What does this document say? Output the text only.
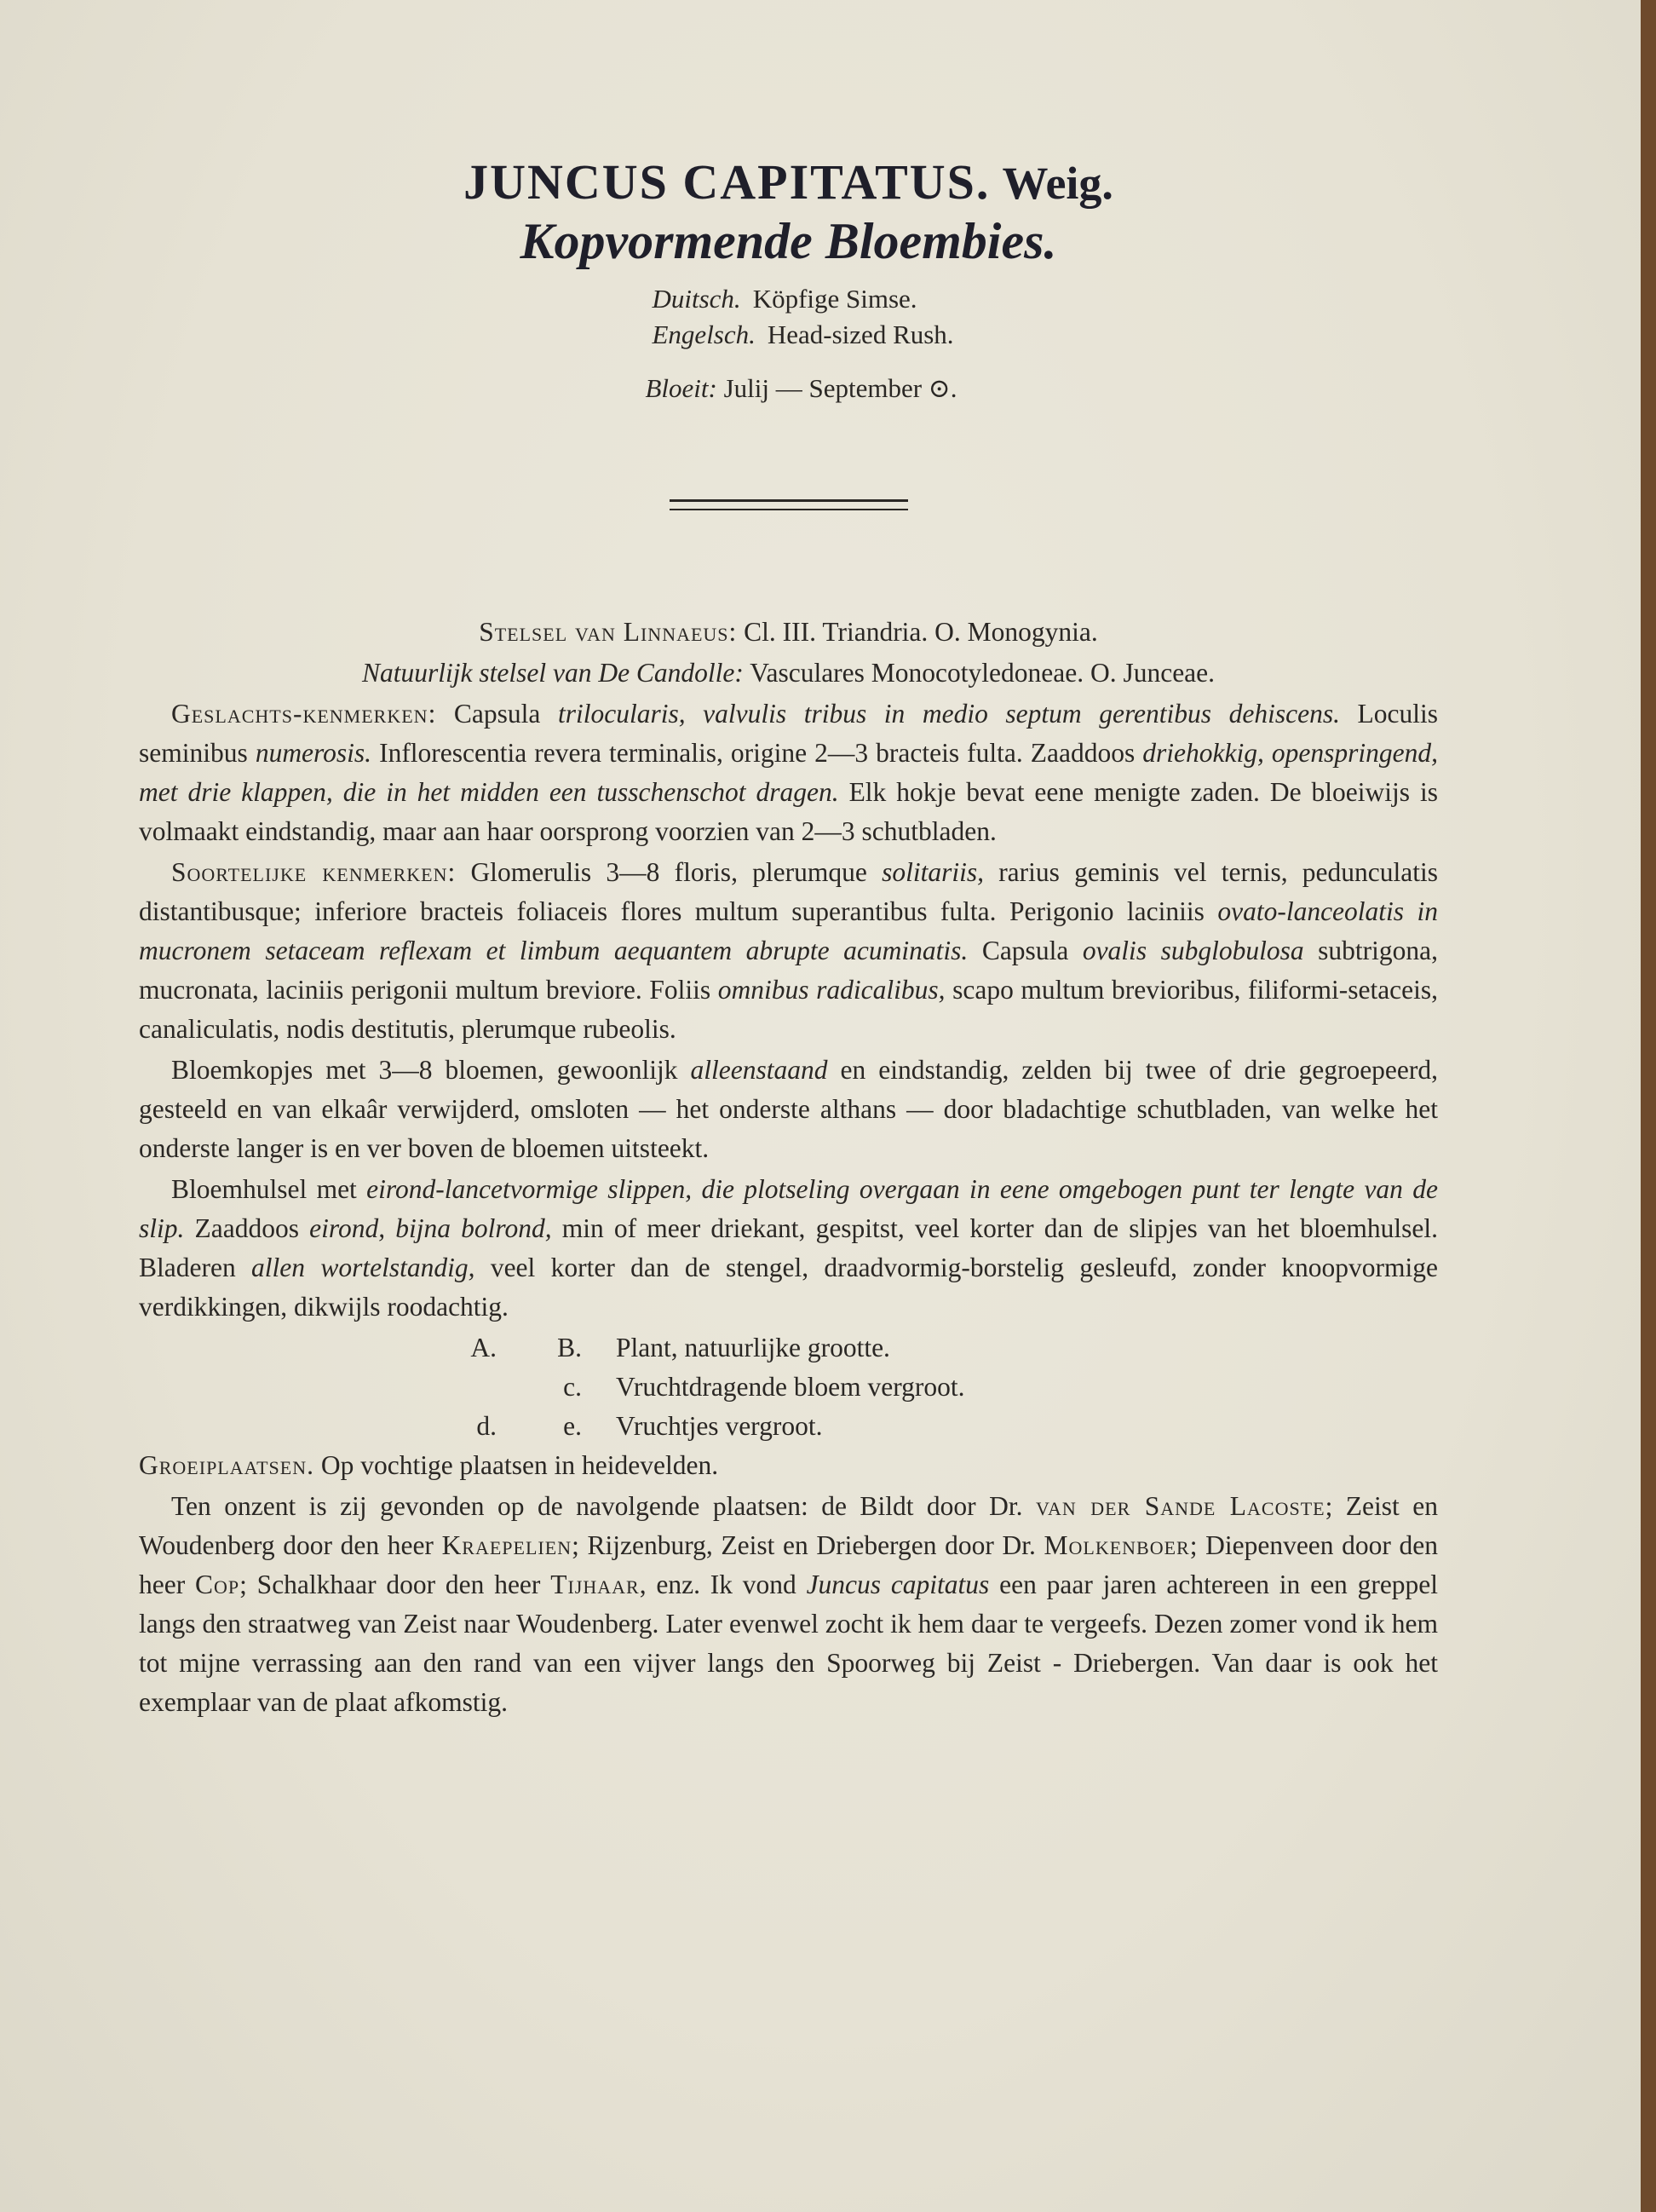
JUNCUS CAPITATUS. Weig.
Kopvormende Bloembies.
Duitsch. Köpfige Simse.
Engelsch. Head-sized Rush.
Bloeit: Julij — September ⊙.

Stelsel van Linnaeus: Cl. III. Triandria. O. Monogynia.

Natuurlijk stelsel van De Candolle: Vasculares Monocotyledoneae. O. Junceae.

Geslachts-kenmerken: Capsula trilocularis, valvulis tribus in medio septum gerentibus dehiscens. Loculis seminibus numerosis. Inflorescentia revera terminalis, origine 2—3 bracteis fulta. Zaaddoos driehokkig, openspringend, met drie klappen, die in het midden een tusschenschot dragen. Elk hokje bevat eene menigte zaden. De bloeiwijs is volmaakt eindstandig, maar aan haar oorsprong voorzien van 2—3 schutbladen.

Soortelijke kenmerken: Glomerulis 3—8 floris, plerumque solitariis, rarius geminis vel ternis, pedunculatis distantibusque; inferiore bracteis foliaceis flores multum superantibus fulta. Perigonio laciniis ovato-lanceolatis in mucronem setaceam reflexam et limbum aequantem abrupte acuminatis. Capsula ovalis subglobulosa subtrigona, mucronata, laciniis perigonii multum breviore. Foliis omnibus radicalibus, scapo multum brevioribus, filiformi-setaceis, canaliculatis, nodis destitutis, plerumque rubeolis.

Bloemkopjes met 3—8 bloemen, gewoonlijk alleenstaand en eindstandig, zelden bij twee of drie gegroepeerd, gesteeld en van elkaâr verwijderd, omsloten — het onderste althans — door bladachtige schutbladen, van welke het onderste langer is en ver boven de bloemen uitsteekt.

Bloemhulsel met eirond-lancetvormige slippen, die plotseling overgaan in eene omgebogen punt ter lengte van de slip. Zaaddoos eirond, bijna bolrond, min of meer driekant, gespitst, veel korter dan de slipjes van het bloemhulsel. Bladeren allen wortelstandig, veel korter dan de stengel, draadvormig-borstelig gesleufd, zonder knoopvormige verdikkingen, dikwijls roodachtig.

A.	B. Plant, natuurlijke grootte.
c. Vruchtdragende bloem vergroot.
d.	e. Vruchtjes vergroot.

Groeiplaatsen. Op vochtige plaatsen in heidevelden.

Ten onzent is zij gevonden op de navolgende plaatsen: de Bildt door Dr. van der Sande Lacoste; Zeist en Woudenberg door den heer Kraepelien; Rijzenburg, Zeist en Driebergen door Dr. Molkenboer; Diepenveen door den heer Cop; Schalkhaar door den heer Tijhaar, enz. Ik vond Juncus capitatus een paar jaren achtereen in een greppel langs den straatweg van Zeist naar Woudenberg. Later evenwel zocht ik hem daar te vergeefs. Dezen zomer vond ik hem tot mijne verrassing aan den rand van een vijver langs den Spoorweg bij Zeist - Driebergen. Van daar is ook het exemplaar van de plaat afkomstig.
